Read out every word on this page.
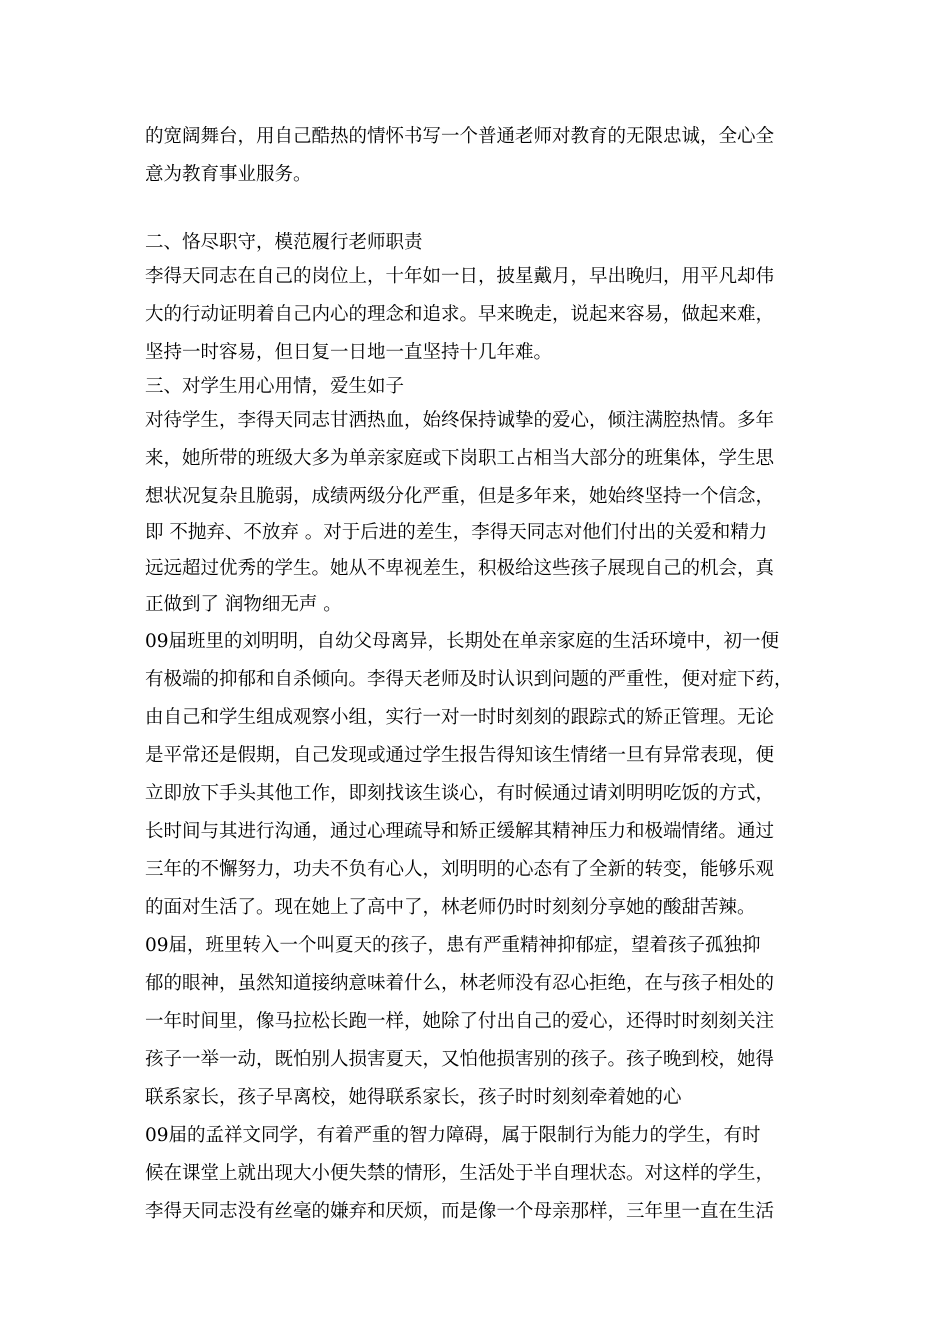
的宽阔舞台，用自己酷热的情怀书写一个普通老师对教育的无限忠诚，全心全
意为教育事业服务。
二、恪尽职守，模范履行老师职责
李得天同志在自己的岗位上，十年如一日，披星戴月，早出晚归，用平凡却伟
大的行动证明着自己内心的理念和追求。早来晚走，说起来容易，做起来难，
坚持一时容易，但日复一日地一直坚持十几年难。
三、对学生用心用情，爱生如子
对待学生，李得天同志甘洒热血，始终保持诚挚的爱心，倾注满腔热情。多年
来，她所带的班级大多为单亲家庭或下岗职工占相当大部分的班集体，学生思
想状况复杂且脆弱，成绩两级分化严重，但是多年来，她始终坚持一个信念，
即 不抛弃、不放弃 。对于后进的差生，李得天同志对他们付出的关爱和精力
远远超过优秀的学生。她从不卑视差生，积极给这些孩子展现自己的机会，真
正做到了 润物细无声 。
09届班里的刘明明，自幼父母离异，长期处在单亲家庭的生活环境中，初一便
有极端的抑郁和自杀倾向。李得天老师及时认识到问题的严重性，便对症下药，
由自己和学生组成观察小组，实行一对一时时刻刻的跟踪式的矫正管理。无论
是平常还是假期，自己发现或通过学生报告得知该生情绪一旦有异常表现，便
立即放下手头其他工作，即刻找该生谈心，有时候通过请刘明明吃饭的方式，
长时间与其进行沟通，通过心理疏导和矫正缓解其精神压力和极端情绪。通过
三年的不懈努力，功夫不负有心人，刘明明的心态有了全新的转变，能够乐观
的面对生活了。现在她上了高中了，林老师仍时时刻刻分享她的酸甜苦辣。
09届，班里转入一个叫夏天的孩子，患有严重精神抑郁症，望着孩子孤独抑
郁的眼神，虽然知道接纳意味着什么，林老师没有忍心拒绝，在与孩子相处的
一年时间里，像马拉松长跑一样，她除了付出自己的爱心，还得时时刻刻关注
孩子一举一动，既怕别人损害夏天，又怕他损害别的孩子。孩子晚到校，她得
联系家长，孩子早离校，她得联系家长，孩子时时刻刻牵着她的心
09届的孟祥文同学，有着严重的智力障碍，属于限制行为能力的学生，有时
候在课堂上就出现大小便失禁的情形，生活处于半自理状态。对这样的学生，
李得天同志没有丝毫的嫌弃和厌烦，而是像一个母亲那样，三年里一直在生活
